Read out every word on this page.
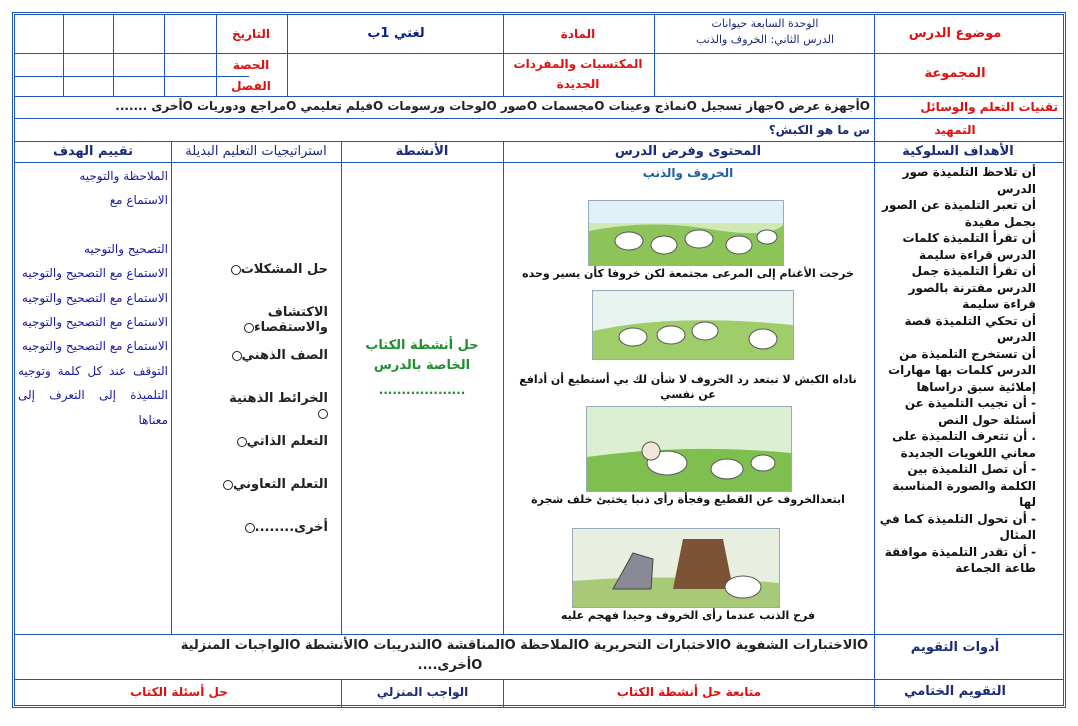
موضوع الدرس
الوحدة السابعة حيوانات
الدرس الثاني: الخروف والذنب
المادة
لغتي 1ب
التاريخ
المجموعة
المكتسبات والمفردات الجديدة
الحصة
الفصل
تقنيات التعلم والوسائل
Oأجهزة عرض Oجهاز تسجيل Oنماذج وعينات Oمجسمات Oصور Oلوحات ورسومات Oفيلم تعليمي Oمراجع ودوريات Oأخرى .......
التمهيد
س ما هو الكبش؟
الأهداف السلوكية
المحتوى وفرض الدرس
الأنشطة
استراتيجيات التعليم البديلة
تقييم الهدف
أن تلاحظ التلميذة صور الدرس
أن تعبر التلميذة عن الصور بجمل مفيدة
أن تقرأ التلميذة كلمات الدرس قراءة سليمة
أن تقرأ التلميذة جمل الدرس مقترنة بالصور قراءة سليمة
أن تحكي التلميذة قصة الدرس
أن تستخرج التلميذة من الدرس كلمات بها مهارات إملائية سبق دراساها
- أن تجيب التلميذة عن أسئلة حول النص
. أن تتعرف التلميذة على معاني اللغويات الجديدة
- أن تصل التلميذة بين الكلمة والصورة المناسبة لها
- أن تحول التلميذة كما في المثال
- أن تقدر التلميذة موافقة طاعة الجماعة
الخروف والذنب
خرجت الأغنام إلى المرعى مجتمعة لكن خروفا كأن يسير وحده
ناداه الكبش لا تبتعد رد الخروف لا شأن لك بي أستطيع أن أدافع عن نفسي
ابتعدالخروف عن القطيع وفجأة رأى ذنبا يختبئ خلف شجرة
فرح الذنب عندما رأى الخروف وحيدا فهجم عليه
حل أنشطة الكتاب الخاصة بالدرس
...................
حل المشكلات
الاكتشاف والاستقصاء
الصف الذهني
الخرائط الذهنية
التعلم الذاتي
التعلم التعاوني
أخرى........
الملاحظة والتوجيه
الاستماع مع
التصحيح والتوجيه
الاستماع مع التصحيح والتوجيه
الاستماع مع التصحيح والتوجيه
الاستماع مع التصحيح والتوجيه
الاستماع مع التصحيح والتوجيه
التوقف عند كل كلمة وتوجيه التلميذة إلى التعرف إلى معناها
أدوات التقويم
Oالاختبارات الشفوية Oالاختبارات التحريرية Oالملاحظة Oالمناقشة Oالتدريبات Oالأنشطة Oالواجبات المنزلية
Oأخرى....
التقويم الختامي
متابعة حل أنشطة الكتاب
الواجب المنزلي
حل أسئلة الكتاب
